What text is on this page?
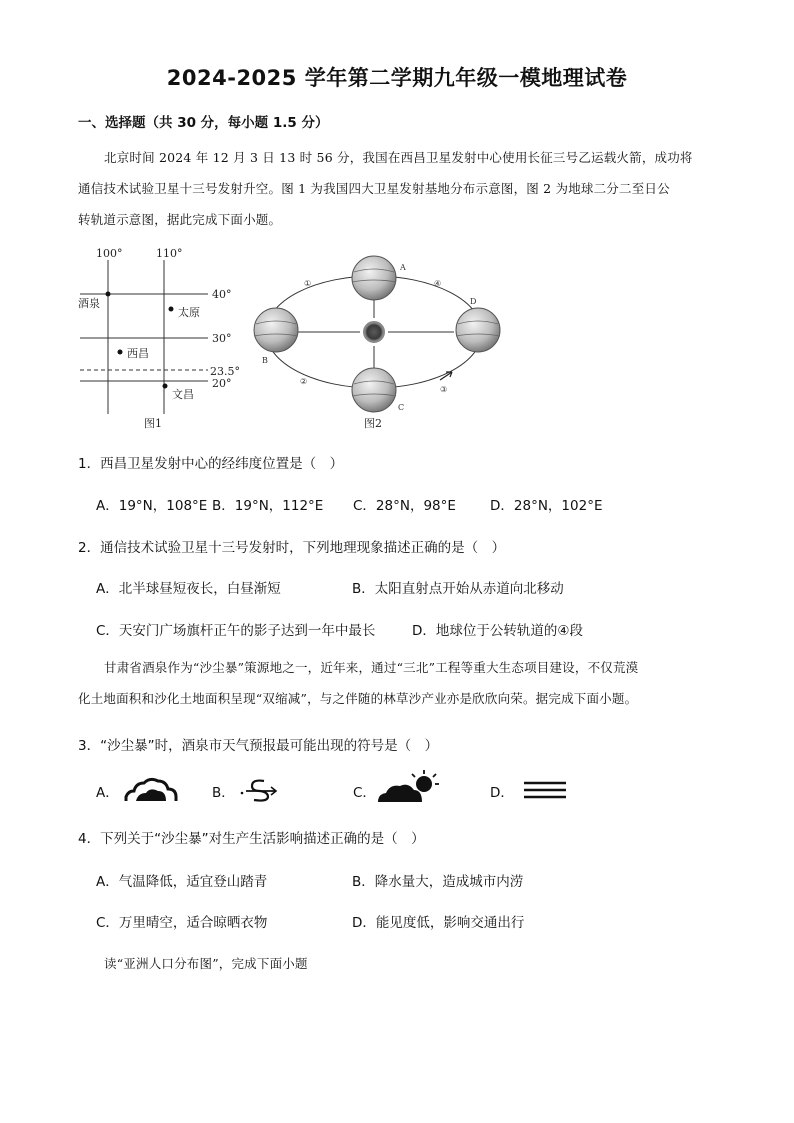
2024-2025 学年第二学期九年级一模地理试卷
一、选择题（共 30 分，每小题 1.5 分）
北京时间 2024 年 12 月 3 日 13 时 56 分，我国在西昌卫星发射中心使用长征三号乙运载火箭，成功将
通信技术试验卫星十三号发射升空。图 1 为我国四大卫星发射基地分布示意图，图 2 为地球二分二至日公
转轨道示意图，据此完成下面小题。
100°	110°
40°
30°
23.5°
20°
酒泉
太原
西昌
文昌
图1
A
B
C
D
①
②
③
④
图2
1．西昌卫星发射中心的经纬度位置是（　）
A．19°N，108°E B．19°N，112°E C．28°N，98°E	D．28°N，102°E
2．通信技术试验卫星十三号发射时，下列地理现象描述正确的是（　）
A．北半球昼短夜长，白昼渐短	B．太阳直射点开始从赤道向北移动
C．天安门广场旗杆正午的影子达到一年中最长	D．地球位于公转轨道的④段
甘肃省酒泉作为“沙尘暴”策源地之一，近年来，通过“三北”工程等重大生态项目建设，不仅荒漠
化土地面积和沙化土地面积呈现“双缩减”，与之伴随的林草沙产业亦是欣欣向荣。据完成下面小题。
3．“沙尘暴”时，酒泉市天气预报最可能出现的符号是（　）
A．	B．	C．	D．
4．下列关于“沙尘暴”对生产生活影响描述正确的是（　）
A．气温降低，适宜登山踏青	B．降水量大，造成城市内涝
C．万里晴空，适合晾晒衣物	D．能见度低，影响交通出行
读“亚洲人口分布图”，完成下面小题
